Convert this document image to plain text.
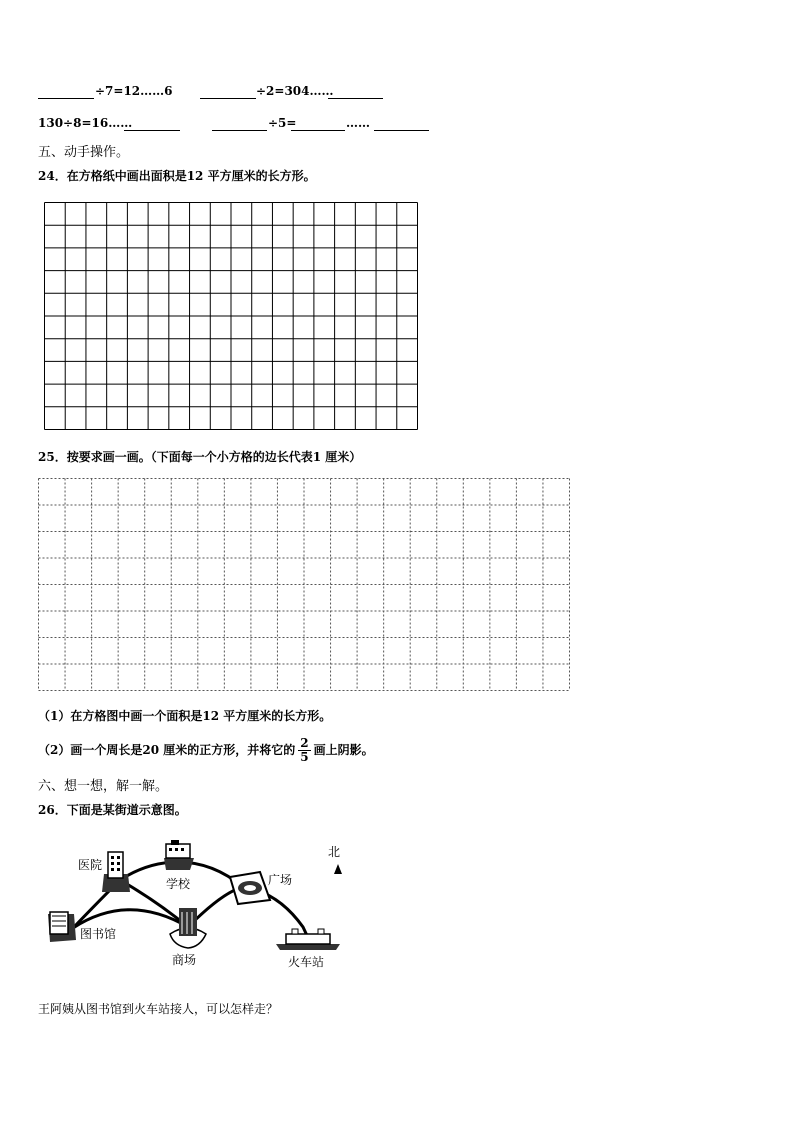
÷7=12……6	÷2=304……
130÷8=16……	÷5=	……
五、动手操作。
24．在方格纸中画出面积是12 平方厘米的长方形。
25．按要求画一画。（下面每一个小方格的边长代表1 厘米）
（1）在方格图中画一个面积是12 平方厘米的长方形。
（2）画一个周长是20 厘米的正方形，并将它的 $\frac{2}{5}$ 画上阴影。
六、想一想，解一解。
26．下面是某街道示意图。
医院
学校	广场
图书馆
商场	火车站
北
王阿姨从图书馆到火车站接人，可以怎样走？
